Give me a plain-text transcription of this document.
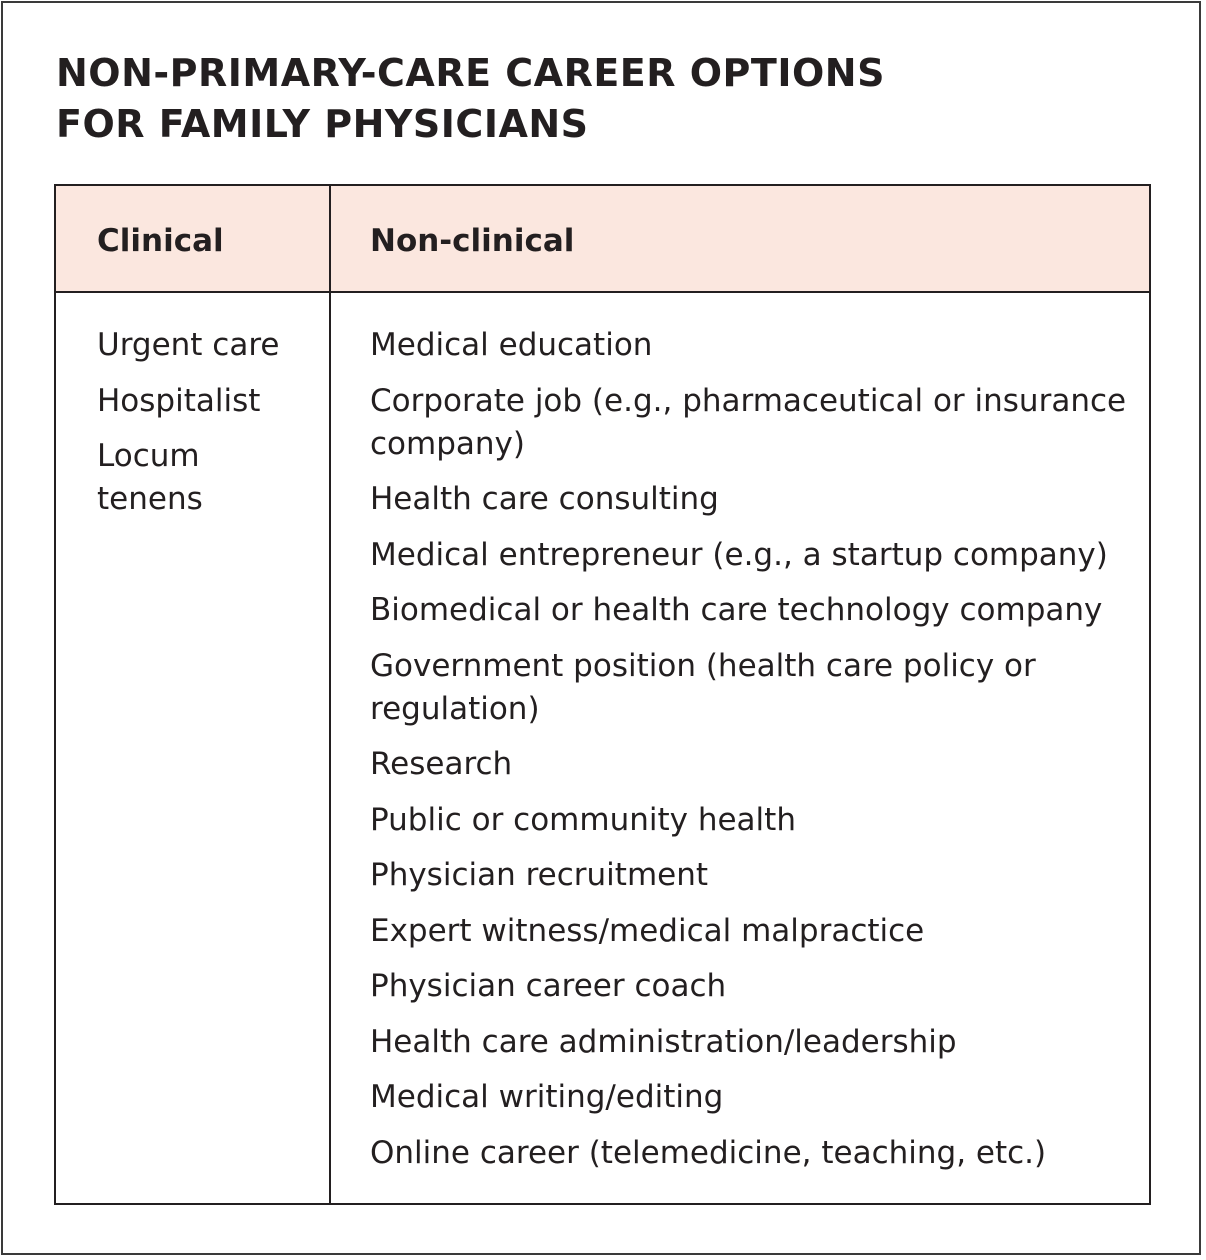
NON-PRIMARY-CARE CAREER OPTIONS
FOR FAMILY PHYSICIANS
Clinical	Non-clinical
Urgent care
Hospitalist
Locum tenens
Medical education
Corporate job (e.g., pharmaceutical or insurance company)
Health care consulting
Medical entrepreneur (e.g., a startup company)
Biomedical or health care technology company
Government position (health care policy or regulation)
Research
Public or community health
Physician recruitment
Expert witness/medical malpractice
Physician career coach
Health care administration/leadership
Medical writing/editing
Online career (telemedicine, teaching, etc.)
